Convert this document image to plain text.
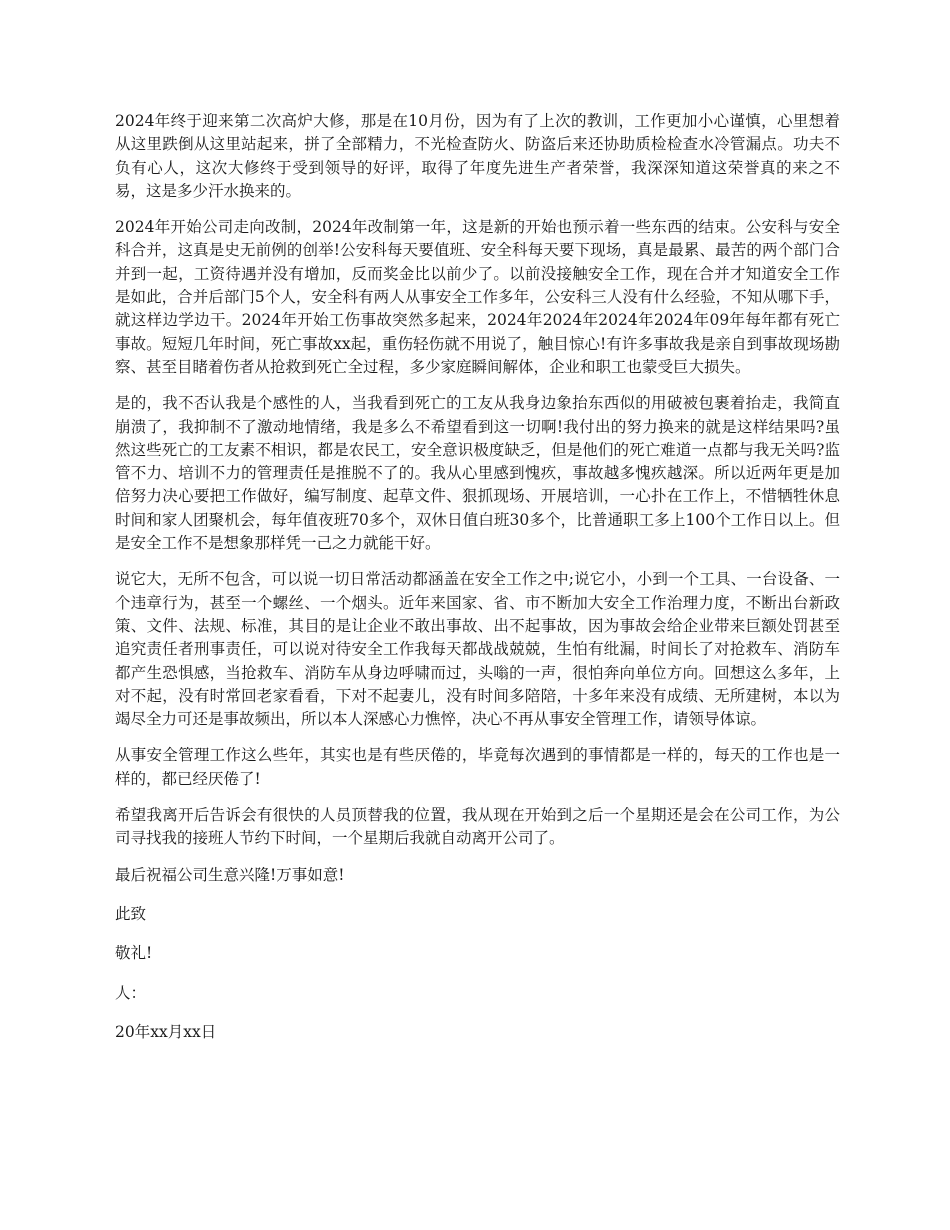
2024年终于迎来第二次高炉大修，那是在10月份，因为有了上次的教训，工作更加小心谨慎，心里想着从这里跌倒从这里站起来，拼了全部精力，不光检查防火、防盗后来还协助质检检查水冷管漏点。功夫不负有心人，这次大修终于受到领导的好评，取得了年度先进生产者荣誉，我深深知道这荣誉真的来之不易，这是多少汗水换来的。

2024年开始公司走向改制，2024年改制第一年，这是新的开始也预示着一些东西的结束。公安科与安全科合并，这真是史无前例的创举!公安科每天要值班、安全科每天要下现场，真是最累、最苦的两个部门合并到一起，工资待遇并没有增加，反而奖金比以前少了。以前没接触安全工作，现在合并才知道安全工作是如此，合并后部门5个人，安全科有两人从事安全工作多年，公安科三人没有什么经验，不知从哪下手，就这样边学边干。2024年开始工伤事故突然多起来，2024年2024年2024年2024年09年每年都有死亡事故。短短几年时间，死亡事故xx起，重伤轻伤就不用说了，触目惊心!有许多事故我是亲自到事故现场勘察、甚至目睹着伤者从抢救到死亡全过程，多少家庭瞬间解体，企业和职工也蒙受巨大损失。

是的，我不否认我是个感性的人，当我看到死亡的工友从我身边象抬东西似的用破被包裹着抬走，我简直崩溃了，我抑制不了激动地情绪，我是多么不希望看到这一切啊!我付出的努力换来的就是这样结果吗?虽然这些死亡的工友素不相识，都是农民工，安全意识极度缺乏，但是他们的死亡难道一点都与我无关吗?监管不力、培训不力的管理责任是推脱不了的。我从心里感到愧疚，事故越多愧疚越深。所以近两年更是加倍努力决心要把工作做好，编写制度、起草文件、狠抓现场、开展培训，一心扑在工作上，不惜牺牲休息时间和家人团聚机会，每年值夜班70多个，双休日值白班30多个，比普通职工多上100个工作日以上。但是安全工作不是想象那样凭一己之力就能干好。

说它大，无所不包含，可以说一切日常活动都涵盖在安全工作之中;说它小，小到一个工具、一台设备、一个违章行为，甚至一个螺丝、一个烟头。近年来国家、省、市不断加大安全工作治理力度，不断出台新政策、文件、法规、标准，其目的是让企业不敢出事故、出不起事故，因为事故会给企业带来巨额处罚甚至追究责任者刑事责任，可以说对待安全工作我每天都战战兢兢，生怕有纰漏，时间长了对抢救车、消防车都产生恐惧感，当抢救车、消防车从身边呼啸而过，头嗡的一声，很怕奔向单位方向。回想这么多年，上对不起，没有时常回老家看看，下对不起妻儿，没有时间多陪陪，十多年来没有成绩、无所建树，本以为竭尽全力可还是事故频出，所以本人深感心力憔悴，决心不再从事安全管理工作，请领导体谅。

从事安全管理工作这么些年，其实也是有些厌倦的，毕竟每次遇到的事情都是一样的，每天的工作也是一样的，都已经厌倦了!

希望我离开后告诉会有很快的人员顶替我的位置，我从现在开始到之后一个星期还是会在公司工作，为公司寻找我的接班人节约下时间，一个星期后我就自动离开公司了。

最后祝福公司生意兴隆!万事如意!

此致

敬礼!

人：

20年xx月xx日
